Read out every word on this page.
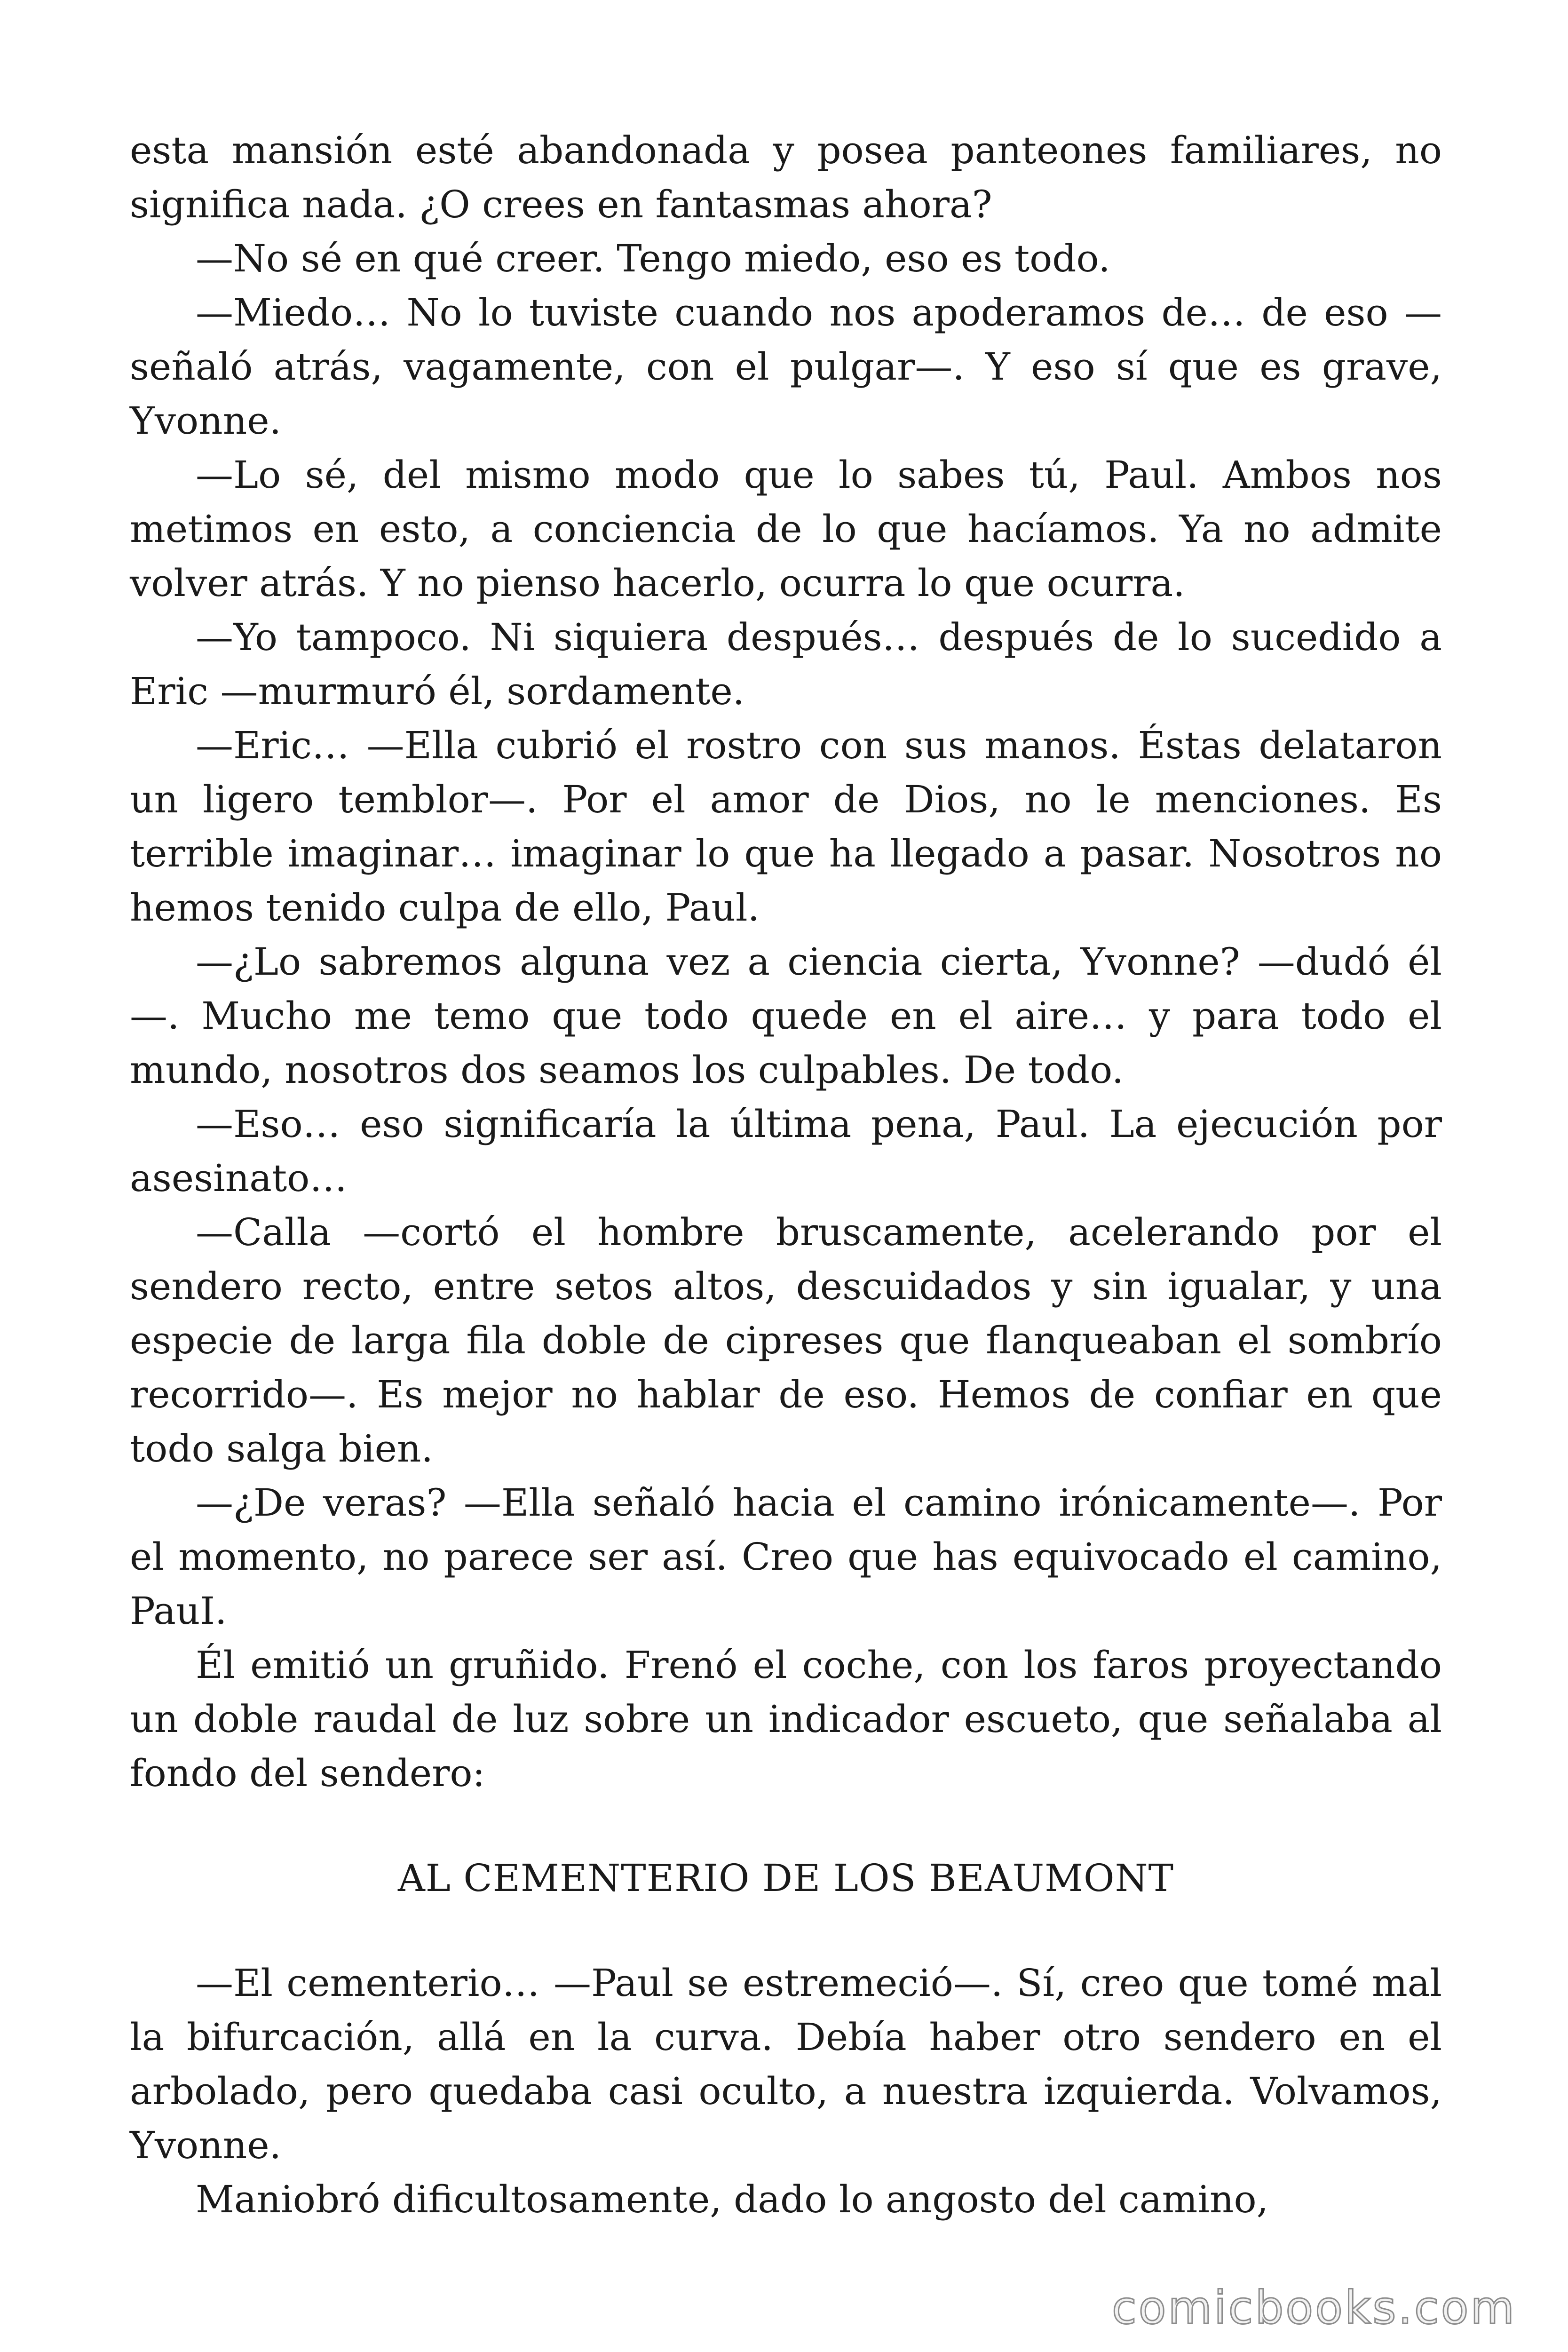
esta mansión esté abandonada y posea panteones familiares, no significa nada. ¿O crees en fantasmas ahora?

—No sé en qué creer. Tengo miedo, eso es todo.

—Miedo… No lo tuviste cuando nos apoderamos de… de eso —señaló atrás, vagamente, con el pulgar—. Y eso sí que es grave, Yvonne.

—Lo sé, del mismo modo que lo sabes tú, Paul. Ambos nos metimos en esto, a conciencia de lo que hacíamos. Ya no admite volver atrás. Y no pienso hacerlo, ocurra lo que ocurra.

—Yo tampoco. Ni siquiera después… después de lo sucedido a Eric —murmuró él, sordamente.

—Eric… —Ella cubrió el rostro con sus manos. Éstas delataron un ligero temblor—. Por el amor de Dios, no le menciones. Es terrible imaginar… imaginar lo que ha llegado a pasar. Nosotros no hemos tenido culpa de ello, Paul.

—¿Lo sabremos alguna vez a ciencia cierta, Yvonne? —dudó él —. Mucho me temo que todo quede en el aire… y para todo el mundo, nosotros dos seamos los culpables. De todo.

—Eso… eso significaría la última pena, Paul. La ejecución por asesinato…

—Calla —cortó el hombre bruscamente, acelerando por el sendero recto, entre setos altos, descuidados y sin igualar, y una especie de larga fila doble de cipreses que flanqueaban el sombrío recorrido—. Es mejor no hablar de eso. Hemos de confiar en que todo salga bien.

—¿De veras? —Ella señaló hacia el camino irónicamente—. Por el momento, no parece ser así. Creo que has equivocado el camino, PauI.

Él emitió un gruñido. Frenó el coche, con los faros proyectando un doble raudal de luz sobre un indicador escueto, que señalaba al fondo del sendero:

AL CEMENTERIO DE LOS BEAUMONT

—El cementerio… —Paul se estremeció—. Sí, creo que tomé mal la bifurcación, allá en la curva. Debía haber otro sendero en el arbolado, pero quedaba casi oculto, a nuestra izquierda. Volvamos, Yvonne.

Maniobró dificultosamente, dado lo angosto del camino,

comicbooks.com
